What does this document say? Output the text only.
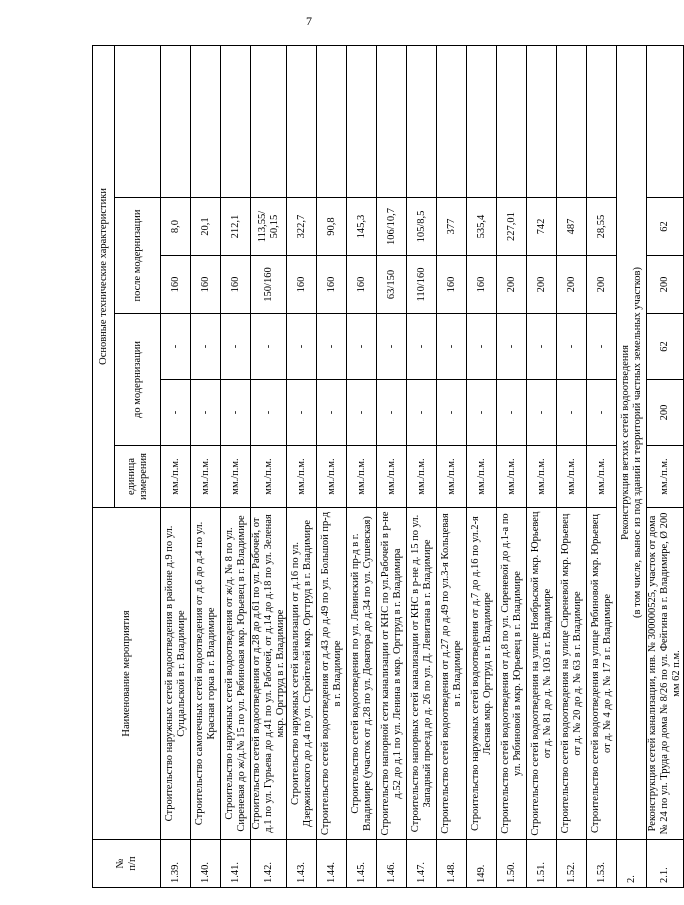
7
№
п/п	Наименование мероприятия	Основные технические характеристики					
		единица измерения	до модернизации		после модернизации		
1.39.	Строительство наружных сетей водоотведения в районе д.9 по ул. Суцдальской в г. Владимире	мм./п.м.	-	-	160	8,0	
1.40.	Строительство самотечных сетей водоотведения от д.6 до д.4 по ул. Красная горка в г. Владимире	мм./п.м.	-	-	160	20,1	
1.41.	Строительство наружных сетей водоотведения от ж/д. № 8 по ул. Сиреневая до ж/д.№ 15 по ул. Рябиновая мкр. Юрьевец в г. Владимире	мм./п.м.	-	-	160	212,1	
1.42.	Строительство сетей водоотведения от д.28 до д.61 по ул. Рабочей, от д.1 по ул. Гурьева до д.41 по ул. Рабочей, от д.14 до д.18 по ул. Зеленая мкр. Оргтруд в г. Владимире	мм./п.м.	-	-	150/160	113,55/ 50,15	
1.43.	Строительство наружных сетей канализации от д.16 по ул. Дзержинского до д.4 по ул. Стройтелей мкр. Оргтруд в г. Владимире	мм./п.м.	-	-	160	322,7	
1.44.	Строительство сетей водоотведения от д.43 до д.49 по ул. Большой пр-д в г. Владимире	мм./п.м.	-	-	160	90,8	
1.45.	Строительство сетей водоотведения по ул. Левинский пр-д в г. Владимире (участок от д.28 по ул. Доватора до д.34 по ул. Сушевская)	мм./п.м.	-	-	160	145,3	
1.46.	Строительство напорной сети канализации от КНС по ул.Рабочей в р-не д.52 до д.1 по ул. Ленина в мкр. Оргтруд в г. Владимира	мм./п.м.	-	-	63/150	106/10,7	
1.47.	Строительство напорных сетей канализации от КНС в р-не д. 15 по ул. Западный проезд до д. 26 по ул. Д. Левитана в г. Владимире	мм./п.м.	-	-	110/160	105/8,5	
1.48.	Строительство сетей водоотведения от д.27 до д.49 по ул.3-я Кольцевая в г. Владимире	мм./п.м.	-	-	160	377	
149.	Строительство наружных сетей водоотведения от д.7 до д.16 по ул.2-я Лесная мкр. Оргтруд в г. Владимире	мм./п.м.	-	-	160	535,4	
1.50.	Строительство сетей водоотведения от д.8 по ул. Сиреневой до д.1-а по ул. Рябиновой в мкр. Юрьевец в г. Владимире	мм./п.м.	-	-	200	227,01	
1.51.	Строительство сетей водоотведения на улице Ноябрьской мкр. Юрьевец от д. № 81 до д. № 103 в г. Владимире	мм./п.м.	-	-	200	742	
1.52.	Строительство сетей водоотведения на улице Сиреневой мкр. Юрьевец от д. № 20 до д. № 63 в г. Владимире	мм./п.м.	-	-	200	487	
1.53.	Строительство сетей водоотведения на улице Рябиновой мкр. Юрьевец от д. № 4 до д. № 17 в г. Владимире	мм./п.м.	-	-	200	28,55	
2.	Реконструкция ветхих сетей водоотведения (в том числе, вынос из под зданий и территорий частных земельных участков)						

2.1.	Реконструкция сетей канализации, инв. № 300000525, участок от дома № 24 по ул. Труда до дома № 8/26 по ул. Фейгина в г. Владимире, Ø 200 мм 62 п.м.	мм./п.м.	200	62	200	62	
